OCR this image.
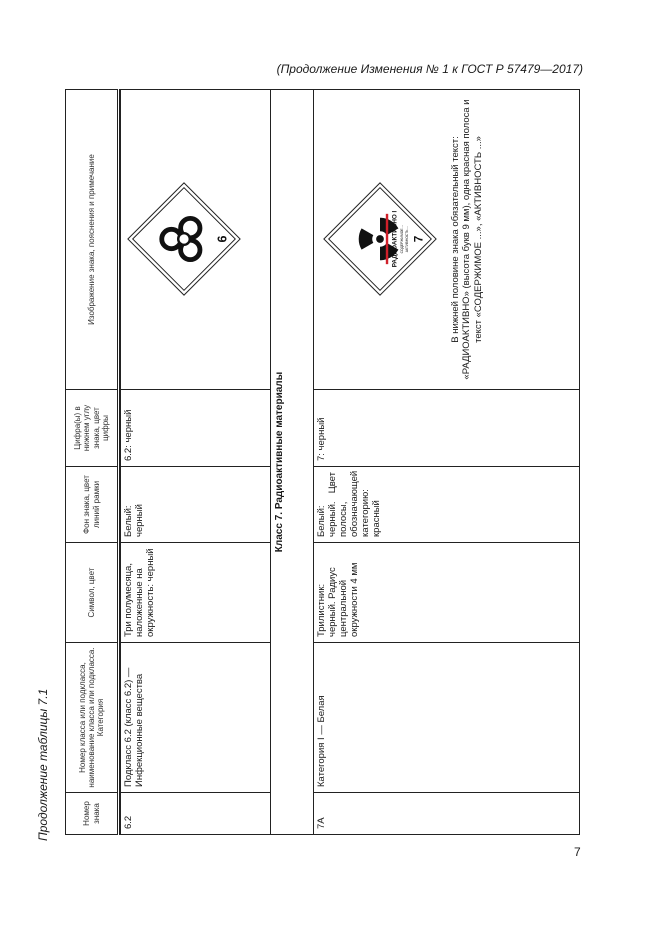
(Продолжение Изменения № 1 к ГОСТ Р 57479—2017)
Продолжение таблицы 7.1	Номер знака	Номер класса или подкласса, наименование класса или подкласса. Категория	Символ, цвет	Фон знака, цвет линий рамки	Цифра(ы) в нижнем углу знака, цвет цифры	Изображение знака, пояснения и примечание

6.2	Подкласс 6.2 (класс 6.2) — Инфекционные вещества	Три полумесяца, наложенные на окружность: черный	Белый: черный	6.2: черный	6

Класс 7. Радиоактивные материалы					
7А	Категория I — Белая	Трилистник: черный. Радиус центральной окружности 4 мм	Белый: черный. Цвет полосы, обозначающей категорию: красный	7: черный	РАДИОАКТИВНО I СОДЕРЖИМОЕ ... АКТИВНОСТЬ ... 7 В нижней половине знака обязательный текст: «РАДИОАКТИВНО» (высота букв 9 мм), одна красная полоса и текст «СОДЕРЖИМОЕ ...», «АКТИВНОСТЬ ...»
7
